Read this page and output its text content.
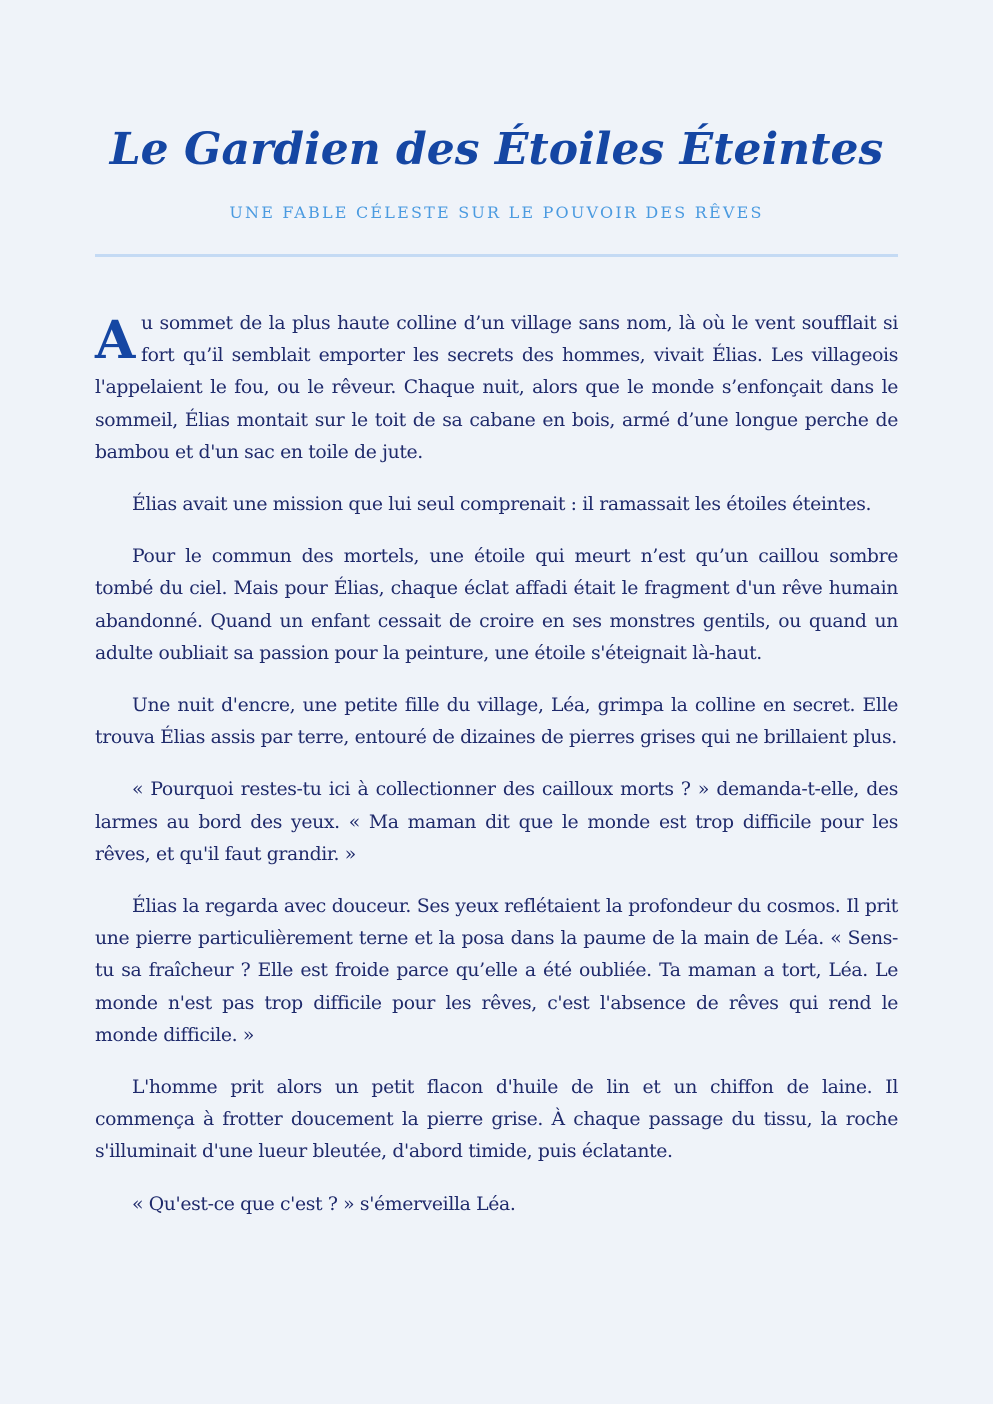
Le Gardien des Étoiles Éteintes
UNE FABLE CÉLESTE SUR LE POUVOIR DES RÊVES

Au sommet de la plus haute colline d’un village sans nom, là où le vent soufflait si fort qu’il semblait emporter les secrets des hommes, vivait Élias. Les villageois l'appelaient le fou, ou le rêveur. Chaque nuit, alors que le monde s’enfonçait dans le sommeil, Élias montait sur le toit de sa cabane en bois, armé d’une longue perche de bambou et d'un sac en toile de jute.

Élias avait une mission que lui seul comprenait : il ramassait les étoiles éteintes.

Pour le commun des mortels, une étoile qui meurt n’est qu’un caillou sombre tombé du ciel. Mais pour Élias, chaque éclat affadi était le fragment d'un rêve humain abandonné. Quand un enfant cessait de croire en ses monstres gentils, ou quand un adulte oubliait sa passion pour la peinture, une étoile s'éteignait là-haut.

Une nuit d'encre, une petite fille du village, Léa, grimpa la colline en secret. Elle trouva Élias assis par terre, entouré de dizaines de pierres grises qui ne brillaient plus.

« Pourquoi restes-tu ici à collectionner des cailloux morts ? » demanda-t-elle, des larmes au bord des yeux. « Ma maman dit que le monde est trop difficile pour les rêves, et qu'il faut grandir. »

Élias la regarda avec douceur. Ses yeux reflétaient la profondeur du cosmos. Il prit une pierre particulièrement terne et la posa dans la paume de la main de Léa. « Sens-tu sa fraîcheur ? Elle est froide parce qu’elle a été oubliée. Ta maman a tort, Léa. Le monde n'est pas trop difficile pour les rêves, c'est l'absence de rêves qui rend le monde difficile. »

L'homme prit alors un petit flacon d'huile de lin et un chiffon de laine. Il commença à frotter doucement la pierre grise. À chaque passage du tissu, la roche s'illuminait d'une lueur bleutée, d'abord timide, puis éclatante.

« Qu'est-ce que c'est ? » s'émerveilla Léa.
